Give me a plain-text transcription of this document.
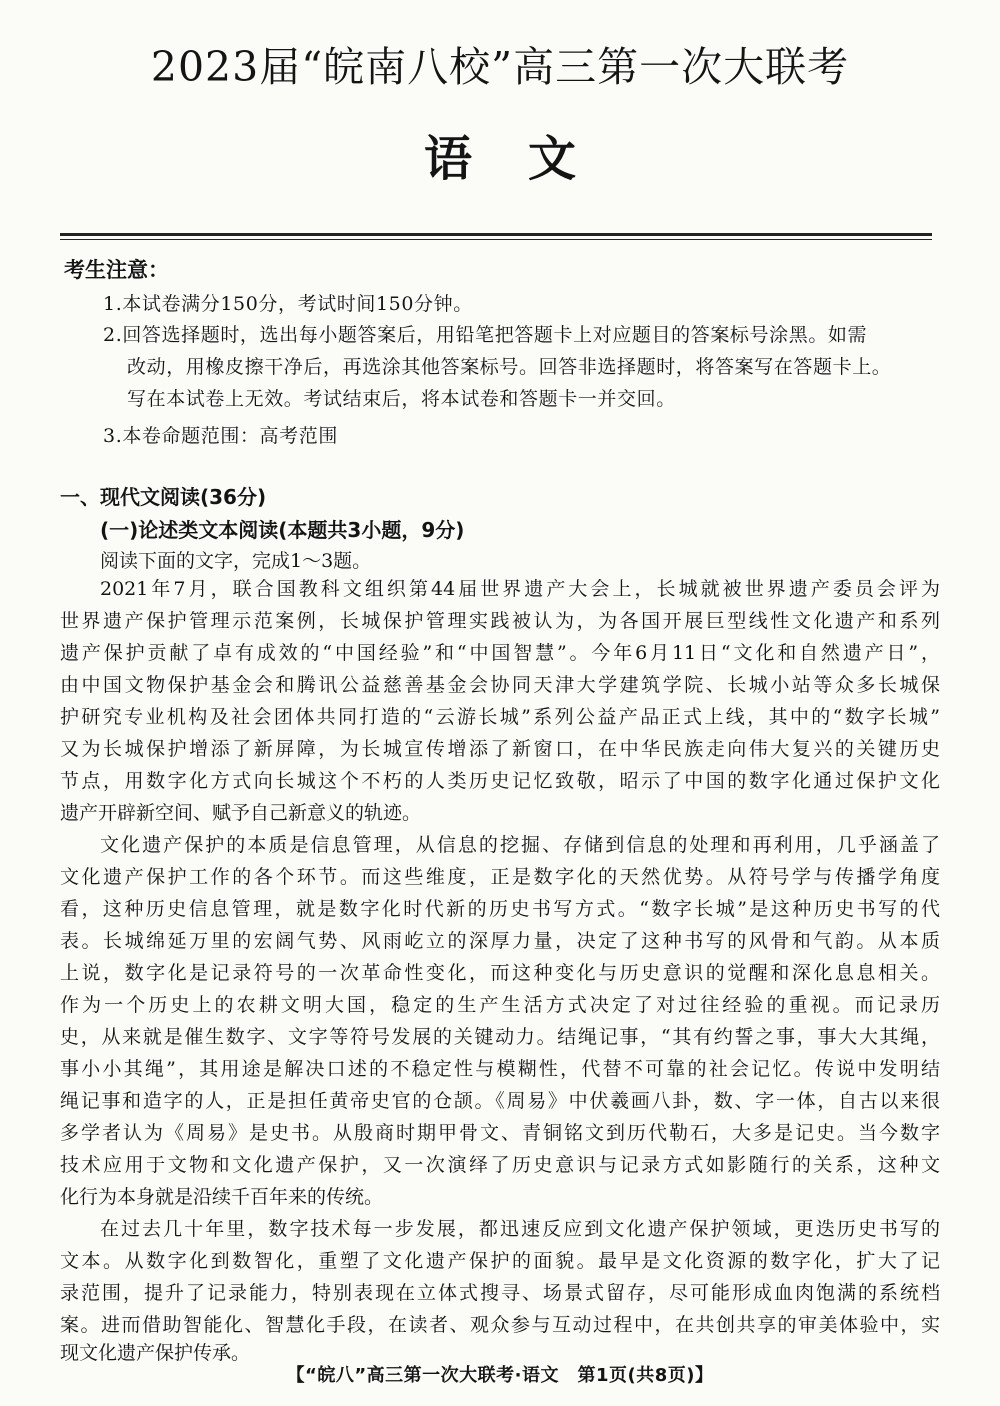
2023届“皖南八校”高三第一次大联考
语文
考生注意：
1.本试卷满分150分，考试时间150分钟。
2.回答选择题时，选出每小题答案后，用铅笔把答题卡上对应题目的答案标号涂黑。如需
改动，用橡皮擦干净后，再选涂其他答案标号。回答非选择题时，将答案写在答题卡上。
写在本试卷上无效。考试结束后，将本试卷和答题卡一并交回。
3.本卷命题范围：高考范围
一、现代文阅读(36分)
(一)论述类文本阅读(本题共3小题，9分)
阅读下面的文字，完成1～3题。
2021年7月，联合国教科文组织第44届世界遗产大会上，长城就被世界遗产委员会评为
世界遗产保护管理示范案例，长城保护管理实践被认为，为各国开展巨型线性文化遗产和系列
遗产保护贡献了卓有成效的“中国经验”和“中国智慧”。今年6月11日“文化和自然遗产日”，
由中国文物保护基金会和腾讯公益慈善基金会协同天津大学建筑学院、长城小站等众多长城保
护研究专业机构及社会团体共同打造的“云游长城”系列公益产品正式上线，其中的“数字长城”
又为长城保护增添了新屏障，为长城宣传增添了新窗口，在中华民族走向伟大复兴的关键历史
节点，用数字化方式向长城这个不朽的人类历史记忆致敬，昭示了中国的数字化通过保护文化
遗产开辟新空间、赋予自己新意义的轨迹。
文化遗产保护的本质是信息管理，从信息的挖掘、存储到信息的处理和再利用，几乎涵盖了
文化遗产保护工作的各个环节。而这些维度，正是数字化的天然优势。从符号学与传播学角度
看，这种历史信息管理，就是数字化时代新的历史书写方式。“数字长城”是这种历史书写的代
表。长城绵延万里的宏阔气势、风雨屹立的深厚力量，决定了这种书写的风骨和气韵。从本质
上说，数字化是记录符号的一次革命性变化，而这种变化与历史意识的觉醒和深化息息相关。
作为一个历史上的农耕文明大国，稳定的生产生活方式决定了对过往经验的重视。而记录历
史，从来就是催生数字、文字等符号发展的关键动力。结绳记事，“其有约誓之事，事大大其绳，
事小小其绳”，其用途是解决口述的不稳定性与模糊性，代替不可靠的社会记忆。传说中发明结
绳记事和造字的人，正是担任黄帝史官的仓颉。《周易》中伏羲画八卦，数、字一体，自古以来很
多学者认为《周易》是史书。从殷商时期甲骨文、青铜铭文到历代勒石，大多是记史。当今数字
技术应用于文物和文化遗产保护，又一次演绎了历史意识与记录方式如影随行的关系，这种文
化行为本身就是沿续千百年来的传统。
在过去几十年里，数字技术每一步发展，都迅速反应到文化遗产保护领域，更迭历史书写的
文本。从数字化到数智化，重塑了文化遗产保护的面貌。最早是文化资源的数字化，扩大了记
录范围，提升了记录能力，特别表现在立体式搜寻、场景式留存，尽可能形成血肉饱满的系统档
案。进而借助智能化、智慧化手段，在读者、观众参与互动过程中，在共创共享的审美体验中，实
现文化遗产保护传承。
【“皖八”高三第一次大联考·语文　第1页(共8页)】
